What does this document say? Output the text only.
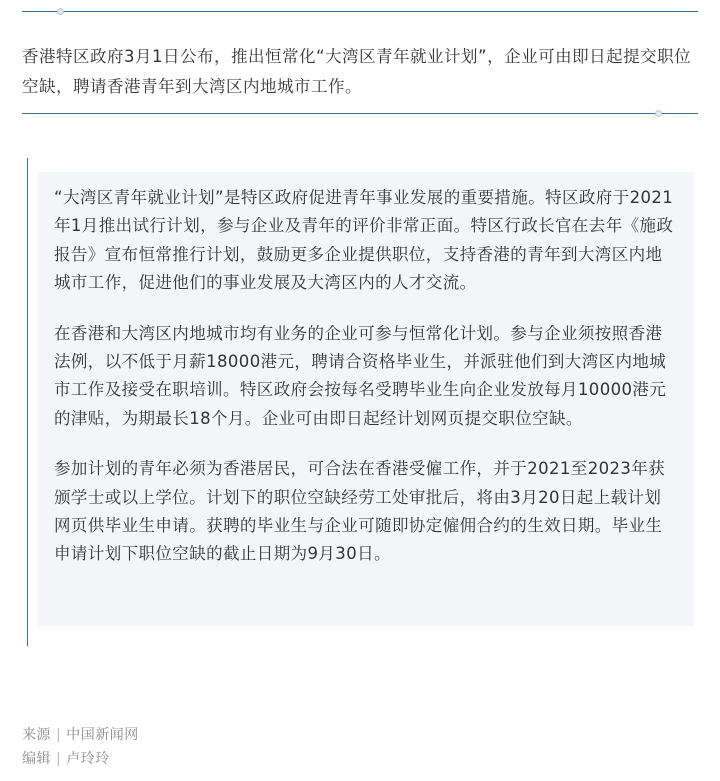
香港特区政府3月1日公布，推出恒常化“大湾区青年就业计划”，企业可由即日起提交职位空缺，聘请香港青年到大湾区内地城市工作。

“大湾区青年就业计划”是特区政府促进青年事业发展的重要措施。特区政府于2021年1月推出试行计划，参与企业及青年的评价非常正面。特区行政长官在去年《施政报告》宣布恒常推行计划，鼓励更多企业提供职位，支持香港的青年到大湾区内地城市工作，促进他们的事业发展及大湾区内的人才交流。

在香港和大湾区内地城市均有业务的企业可参与恒常化计划。参与企业须按照香港法例，以不低于月薪18000港元，聘请合资格毕业生，并派驻他们到大湾区内地城市工作及接受在职培训。特区政府会按每名受聘毕业生向企业发放每月10000港元的津贴，为期最长18个月。企业可由即日起经计划网页提交职位空缺。

参加计划的青年必须为香港居民，可合法在香港受僱工作，并于2021至2023年获颁学士或以上学位。计划下的职位空缺经劳工处审批后，将由3月20日起上载计划网页供毕业生申请。获聘的毕业生与企业可随即协定僱佣合约的生效日期。毕业生申请计划下职位空缺的截止日期为9月30日。

来源 | 中国新闻网
编辑 | 卢玲玲
